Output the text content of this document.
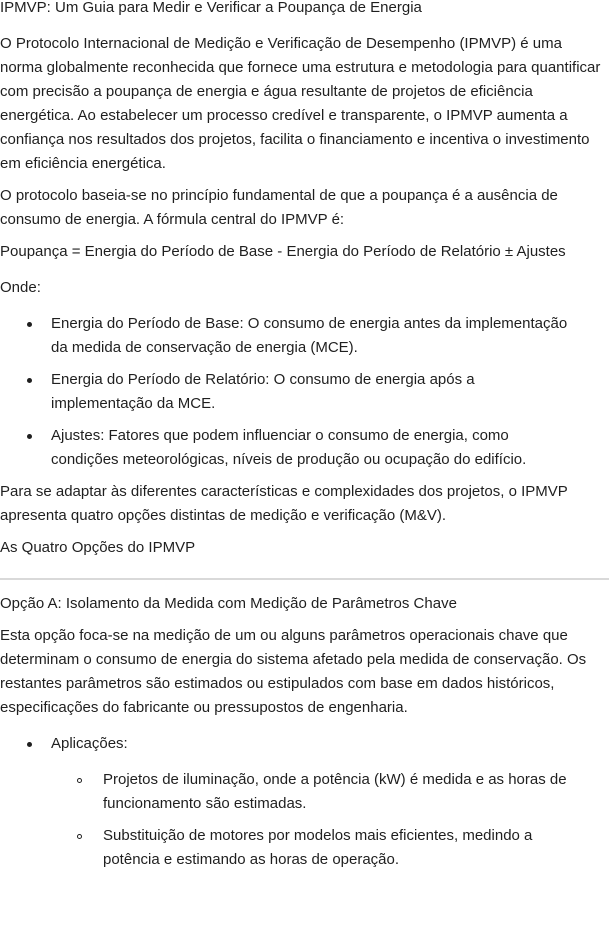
IPMVP: Um Guia para Medir e Verificar a Poupança de Energia

O Protocolo Internacional de Medição e Verificação de Desempenho (IPMVP) é uma norma globalmente reconhecida que fornece uma estrutura e metodologia para quantificar com precisão a poupança de energia e água resultante de projetos de eficiência energética. Ao estabelecer um processo credível e transparente, o IPMVP aumenta a confiança nos resultados dos projetos, facilita o financiamento e incentiva o investimento em eficiência energética.

O protocolo baseia-se no princípio fundamental de que a poupança é a ausência de consumo de energia. A fórmula central do IPMVP é:

Poupança = Energia do Período de Base - Energia do Período de Relatório ± Ajustes

Onde:

Energia do Período de Base: O consumo de energia antes da implementação da medida de conservação de energia (MCE).
Energia do Período de Relatório: O consumo de energia após a implementação da MCE.
Ajustes: Fatores que podem influenciar o consumo de energia, como condições meteorológicas, níveis de produção ou ocupação do edifício.

Para se adaptar às diferentes características e complexidades dos projetos, o IPMVP apresenta quatro opções distintas de medição e verificação (M&V).

As Quatro Opções do IPMVP

Opção A: Isolamento da Medida com Medição de Parâmetros Chave

Esta opção foca-se na medição de um ou alguns parâmetros operacionais chave que determinam o consumo de energia do sistema afetado pela medida de conservação. Os restantes parâmetros são estimados ou estipulados com base em dados históricos, especificações do fabricante ou pressupostos de engenharia.

Aplicações:
Projetos de iluminação, onde a potência (kW) é medida e as horas de funcionamento são estimadas.
Substituição de motores por modelos mais eficientes, medindo a potência e estimando as horas de operação.
